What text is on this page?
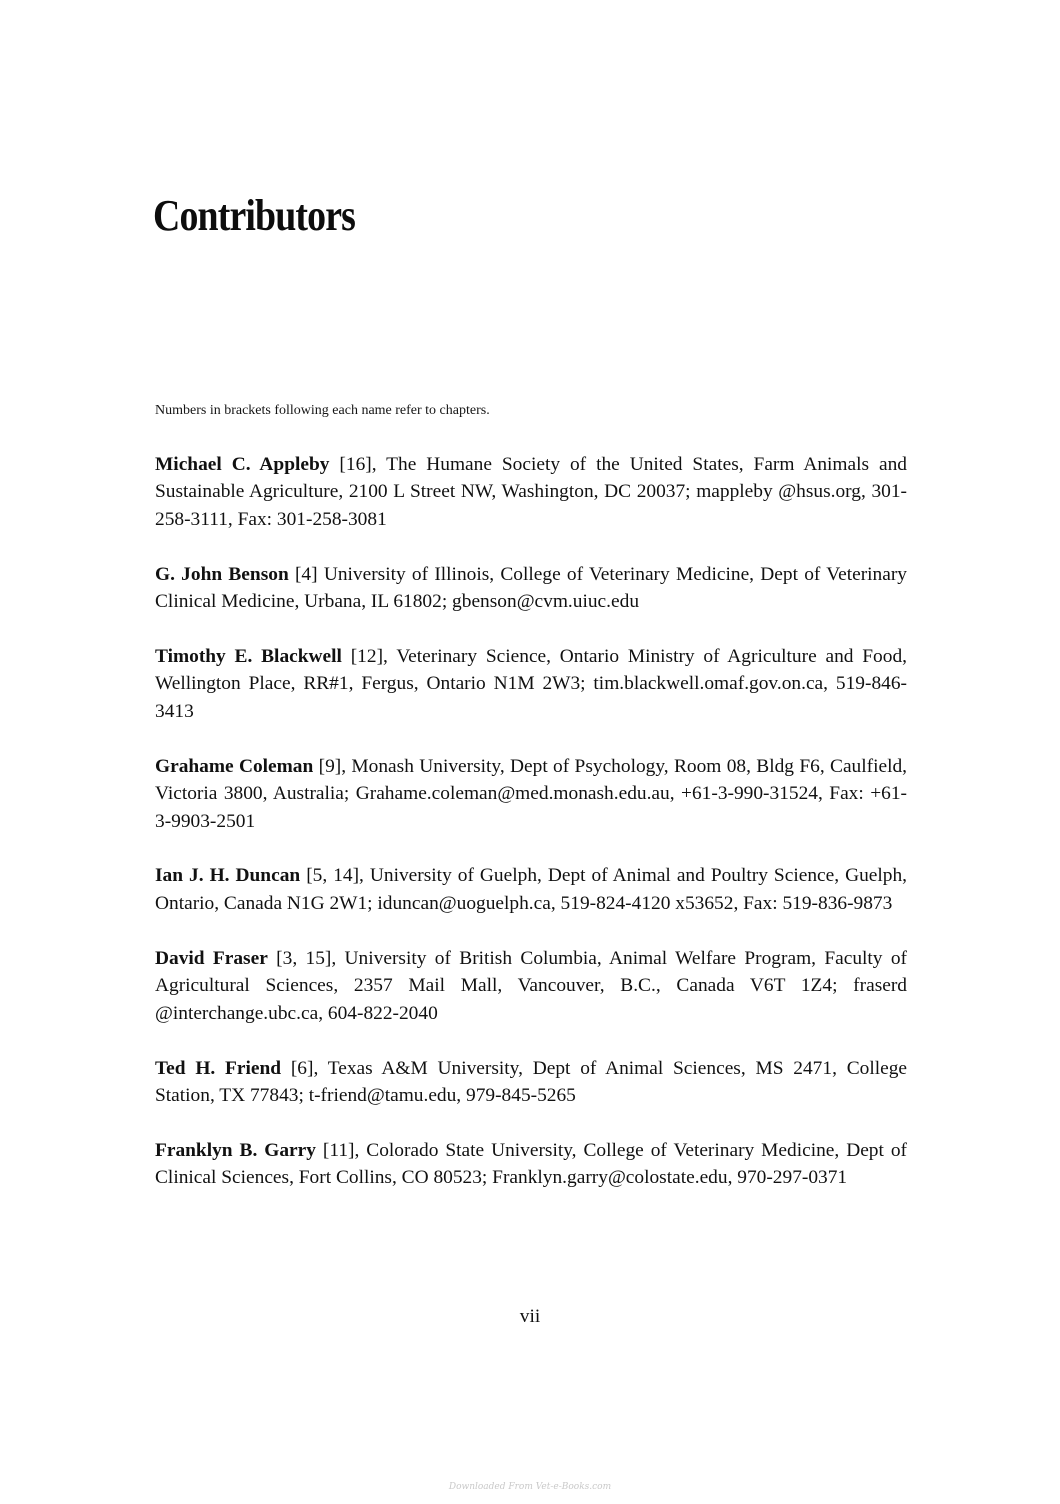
Contributors

Numbers in brackets following each name refer to chapters.

Michael C. Appleby [16], The Humane Society of the United States, Farm Animals and Sustainable Agriculture, 2100 L Street NW, Washington, DC 20037; mappleby @hsus.org, 301-258-3111, Fax: 301-258-3081
G. John Benson [4] University of Illinois, College of Veterinary Medicine, Dept of Veterinary Clinical Medicine, Urbana, IL 61802; gbenson@cvm.uiuc.edu
Timothy E. Blackwell [12], Veterinary Science, Ontario Ministry of Agriculture and Food, Wellington Place, RR#1, Fergus, Ontario N1M 2W3; tim.blackwell.omaf.gov.on.ca, 519-846-3413
Grahame Coleman [9], Monash University, Dept of Psychology, Room 08, Bldg F6, Caulfield, Victoria 3800, Australia; Grahame.coleman@med.monash.edu.au, +61-3-990-31524, Fax: +61-3-9903-2501
Ian J. H. Duncan [5, 14], University of Guelph, Dept of Animal and Poultry Science, Guelph, Ontario, Canada N1G 2W1; iduncan@uoguelph.ca, 519-824-4120 x53652, Fax: 519-836-9873
David Fraser [3, 15], University of British Columbia, Animal Welfare Program, Faculty of Agricultural Sciences, 2357 Mail Mall, Vancouver, B.C., Canada V6T 1Z4; fraserd @interchange.ubc.ca, 604-822-2040
Ted H. Friend [6], Texas A&M University, Dept of Animal Sciences, MS 2471, College Station, TX 77843; t-friend@tamu.edu, 979-845-5265
Franklyn B. Garry [11], Colorado State University, College of Veterinary Medicine, Dept of Clinical Sciences, Fort Collins, CO 80523; Franklyn.garry@colostate.edu, 970-297-0371

vii

Downloaded From Vet-e-Books.com
